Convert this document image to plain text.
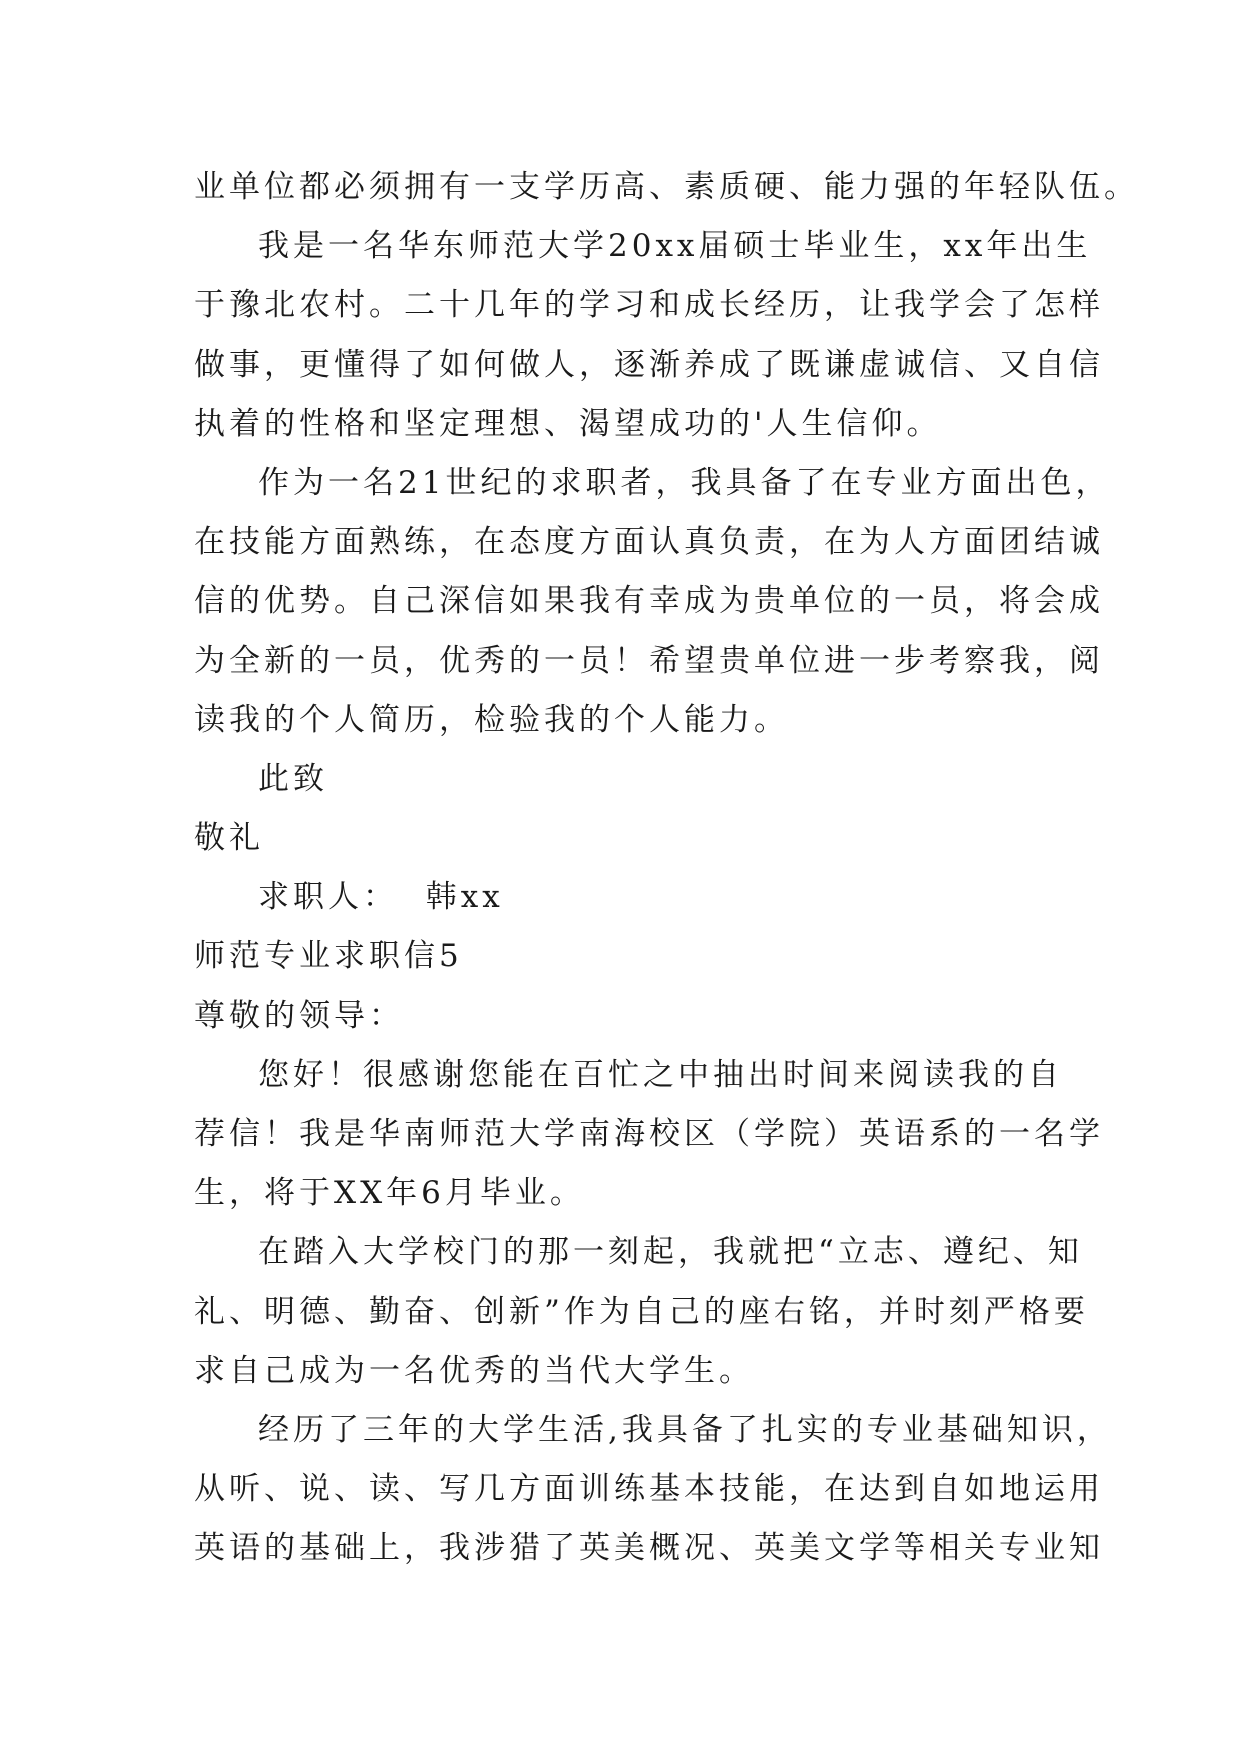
业单位都必须拥有一支学历高、素质硬、能力强的年轻队伍。
我是一名华东师范大学20xx届硕士毕业生，xx年出生
于豫北农村。二十几年的学习和成长经历，让我学会了怎样
做事，更懂得了如何做人，逐渐养成了既谦虚诚信、又自信
执着的性格和坚定理想、渴望成功的'人生信仰。
作为一名21世纪的求职者，我具备了在专业方面出色，
在技能方面熟练，在态度方面认真负责，在为人方面团结诚
信的优势。自己深信如果我有幸成为贵单位的一员，将会成
为全新的一员，优秀的一员！希望贵单位进一步考察我，阅
读我的个人简历，检验我的个人能力。
此致
敬礼
求职人：  韩xx
师范专业求职信5
尊敬的领导：
您好！很感谢您能在百忙之中抽出时间来阅读我的自
荐信！我是华南师范大学南海校区（学院）英语系的一名学
生，将于XX年6月毕业。
在踏入大学校门的那一刻起，我就把“立志、遵纪、知
礼、明德、勤奋、创新”作为自己的座右铭，并时刻严格要
求自己成为一名优秀的当代大学生。
经历了三年的大学生活,我具备了扎实的专业基础知识，
从听、说、读、写几方面训练基本技能，在达到自如地运用
英语的基础上，我涉猎了英美概况、英美文学等相关专业知
